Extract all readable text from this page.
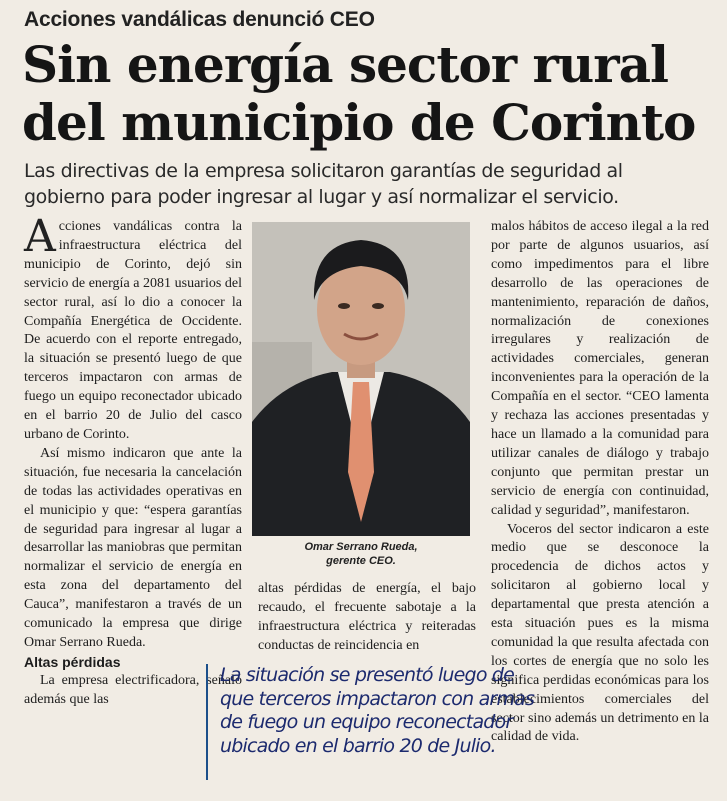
Acciones vandálicas denunció CEO
Sin energía sector rural
del municipio de Corinto
Las directivas de la empresa solicitaron garantías de seguridad al
gobierno para poder ingresar al lugar y así normalizar el servicio.

Acciones vandálicas contra la infraestructura eléctrica del municipio de Corinto, dejó sin servicio de energía a 2081 usuarios del sector rural, así lo dio a conocer la Compañía Energética de Occidente. De acuerdo con el reporte entregado, la situación se presentó luego de que terceros impactaron con armas de fuego un equipo reconectador ubicado en el barrio 20 de Julio del casco urbano de Corinto.

Así mismo indicaron que ante la situación, fue necesaria la cancelación de todas las actividades operativas en el municipio y que: “espera garantías de seguridad para ingresar al lugar a desarrollar las maniobras que permitan normalizar el servicio de energía en esta zona del departamento del Cauca”, manifestaron a través de un comunicado la empresa que dirige Omar Serrano Rueda.

Altas pérdidas

La empresa electrificadora, señaló además que las

Omar Serrano Rueda,
gerente CEO.

altas pérdidas de energía, el bajo recaudo, el frecuente sabotaje a la infraestructura eléctrica y reiteradas conductas de reincidencia en

malos hábitos de acceso ilegal a la red por parte de algunos usuarios, así como impedimentos para el libre desarrollo de las operaciones de mantenimiento, reparación de daños, normalización de conexiones irregulares y realización de actividades comerciales, generan inconvenientes para la operación de la Compañía en el sector. “CEO lamenta y rechaza las acciones presentadas y hace un llamado a la comunidad para utilizar canales de diálogo y trabajo conjunto que permitan prestar un servicio de energía con continuidad, calidad y seguridad”, manifestaron.

Voceros del sector indicaron a este medio que se desconoce la procedencia de dichos actos y solicitaron al gobierno local y departamental que presta atención a esta situación pues es la misma comunidad la que resulta afectada con los cortes de energía que no solo les significa perdidas económicas para los establecimientos comerciales del sector sino además un detrimento en la calidad de vida.

La situación se presentó luego de
que terceros impactaron con armas
de fuego un equipo reconectador
ubicado en el barrio 20 de Julio.
